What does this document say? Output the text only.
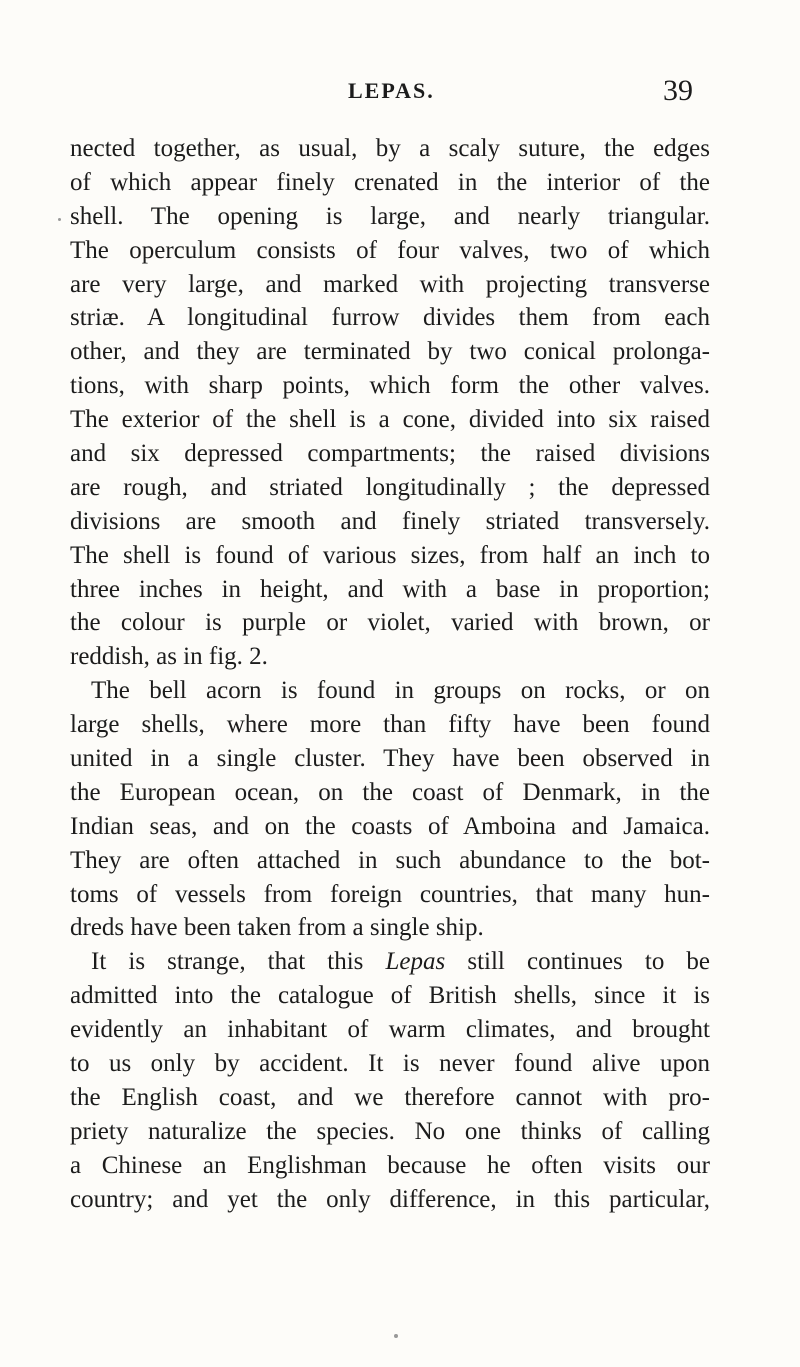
LEPAS.	39
nected together, as usual, by a scaly suture, the edges
of which appear finely crenated in the interior of the
shell. The opening is large, and nearly triangular.
The operculum consists of four valves, two of which
are very large, and marked with projecting transverse
striæ. A longitudinal furrow divides them from each
other, and they are terminated by two conical prolonga-
tions, with sharp points, which form the other valves.
The exterior of the shell is a cone, divided into six raised
and six depressed compartments; the raised divisions
are rough, and striated longitudinally ; the depressed
divisions are smooth and finely striated transversely.
The shell is found of various sizes, from half an inch to
three inches in height, and with a base in proportion;
the colour is purple or violet, varied with brown, or
reddish, as in fig. 2.
The bell acorn is found in groups on rocks, or on
large shells, where more than fifty have been found
united in a single cluster. They have been observed in
the European ocean, on the coast of Denmark, in the
Indian seas, and on the coasts of Amboina and Jamaica.
They are often attached in such abundance to the bot-
toms of vessels from foreign countries, that many hun-
dreds have been taken from a single ship.
It is strange, that this Lepas still continues to be
admitted into the catalogue of British shells, since it is
evidently an inhabitant of warm climates, and brought
to us only by accident. It is never found alive upon
the English coast, and we therefore cannot with pro-
priety naturalize the species. No one thinks of calling
a Chinese an Englishman because he often visits our
country; and yet the only difference, in this particular,
